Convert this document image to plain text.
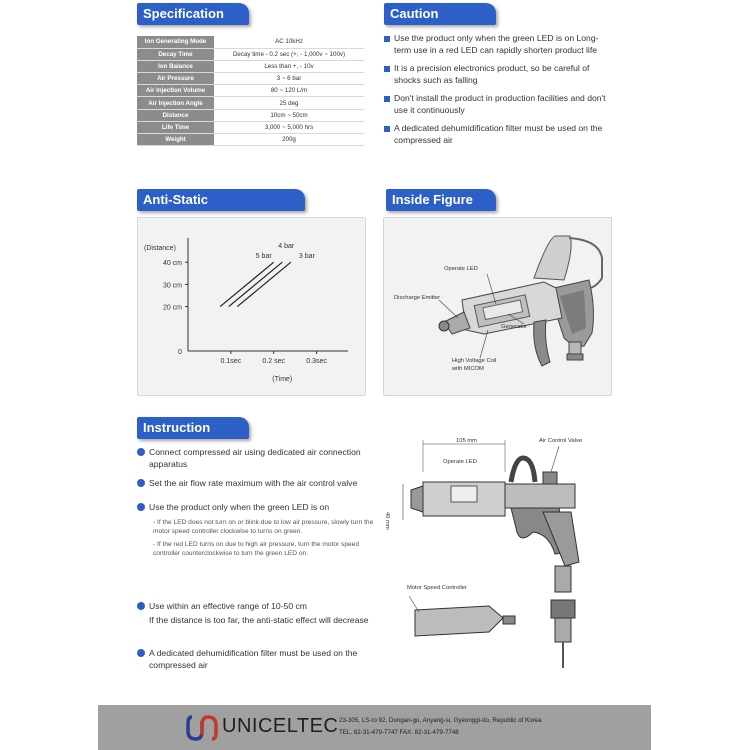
Specification	Caution
Anti-Static	Inside Figure
Instruction
Ion Generating Mode	AC 10kHz
Decay Time	Decay time - 0.2 sec (+, - 1,000v ~ 100v)
Ion Balance	Less than +, - 10v
Air Pressure	3 ~ 6 bar
Air Injection Volume	80 ~ 120 L/m
Air Injection Angle	25 deg
Distance	10cm ~ 50cm
Life Time	3,000 ~ 5,000 hrs
Weight	200g
Use the product only when the green LED is on Long-term use in a red LED can rapidly shorten product life
It is a precision electronics product, so be careful of shocks such as falling
Don't install the product in production facilities and don't use it continuously
A dedicated dehumidification filter must be used on the compressed air
0
0.1sec	0.2 sec	0.3sec
20 cm
30 cm
40 cm
(Distance)
(Time)
5 bar
4 bar
3 bar
Operate LED
Discharge Emitter
Generator
High Voltage Coil
with MICOM
Connect compressed air using dedicated air connection apparatus
Set the air flow rate maximum with the air control valve
Use the product only when the green LED is on
- If the LED does not turn on or blink due to low air pressure, slowly turn the motor speed controller clockwise to turns on green.
- If the red LED turns on due to high air pressure, turn the motor speed controller counterclockwise to turn the green LED on.
Use within an effective range of 10-50 cm
If the distance is too far, the anti-static effect will decrease
A dedicated dehumidification filter must be used on the compressed air
105 mm
40 mm
Air Control Valve
Operate LED
Motor Speed Controller
UNICELTEC 23-305, LS-ro 92, Dongan-gu, Anyang-si, Gyeonggi-do, Republic of Korea
TEL. 82-31-479-7747 FAX. 82-31-479-7748
